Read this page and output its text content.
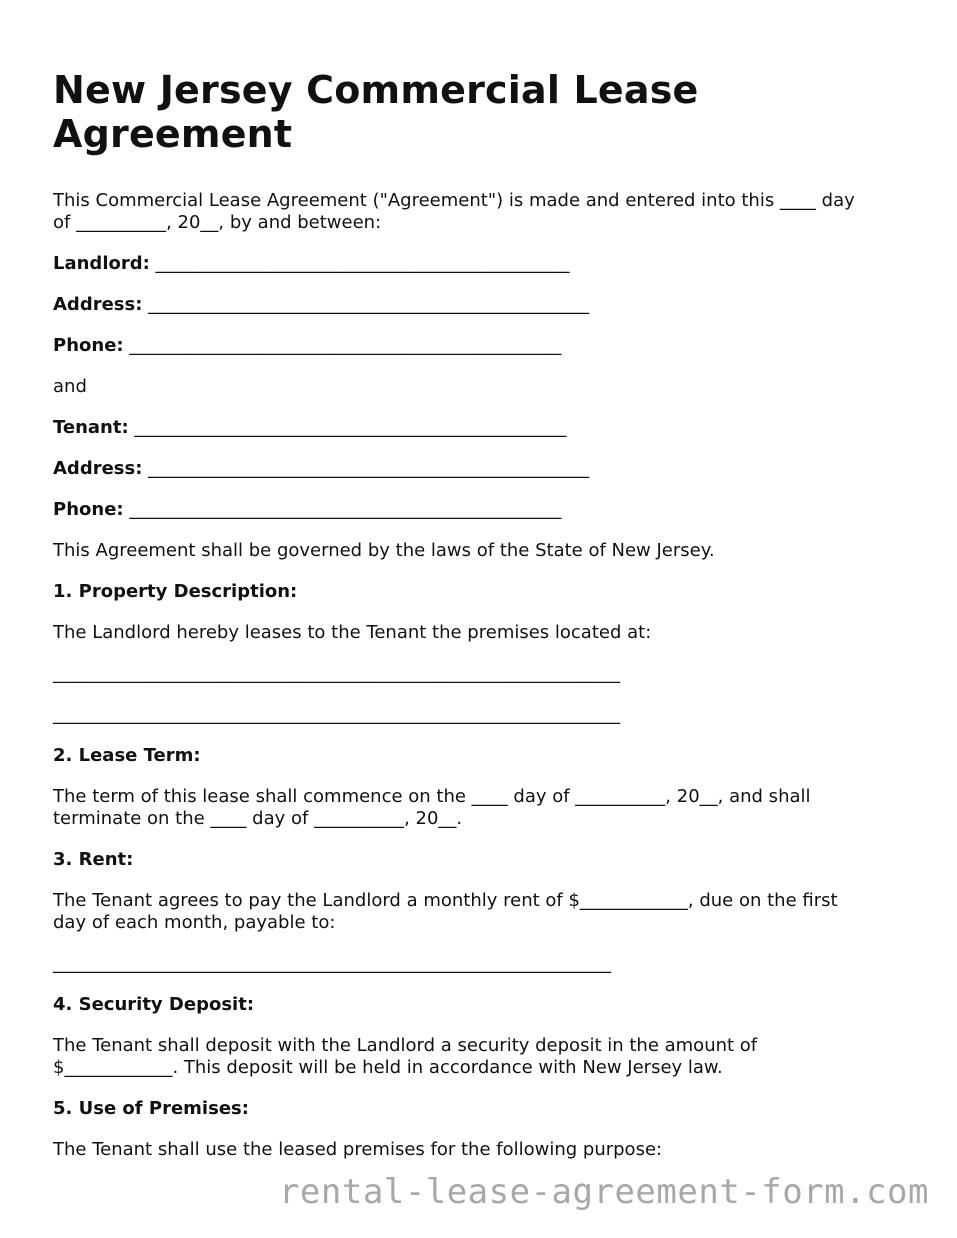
New Jersey Commercial Lease Agreement

This Commercial Lease Agreement ("Agreement") is made and entered into this ____ day

of __________, 20__, by and between:

Landlord: ______________________________________________

Address: _________________________________________________

Phone: ________________________________________________

and

Tenant: ________________________________________________

Address: _________________________________________________

Phone: ________________________________________________

This Agreement shall be governed by the laws of the State of New Jersey.

1. Property Description:

The Landlord hereby leases to the Tenant the premises located at:

_______________________________________________________________

_______________________________________________________________

2. Lease Term:

The term of this lease shall commence on the ____ day of __________, 20__, and shall

terminate on the ____ day of __________, 20__.

3. Rent:

The Tenant agrees to pay the Landlord a monthly rent of $____________, due on the first

day of each month, payable to:

______________________________________________________________

4. Security Deposit:

The Tenant shall deposit with the Landlord a security deposit in the amount of

$____________. This deposit will be held in accordance with New Jersey law.

5. Use of Premises:

The Tenant shall use the leased premises for the following purpose:

rental-lease-agreement-form.com
